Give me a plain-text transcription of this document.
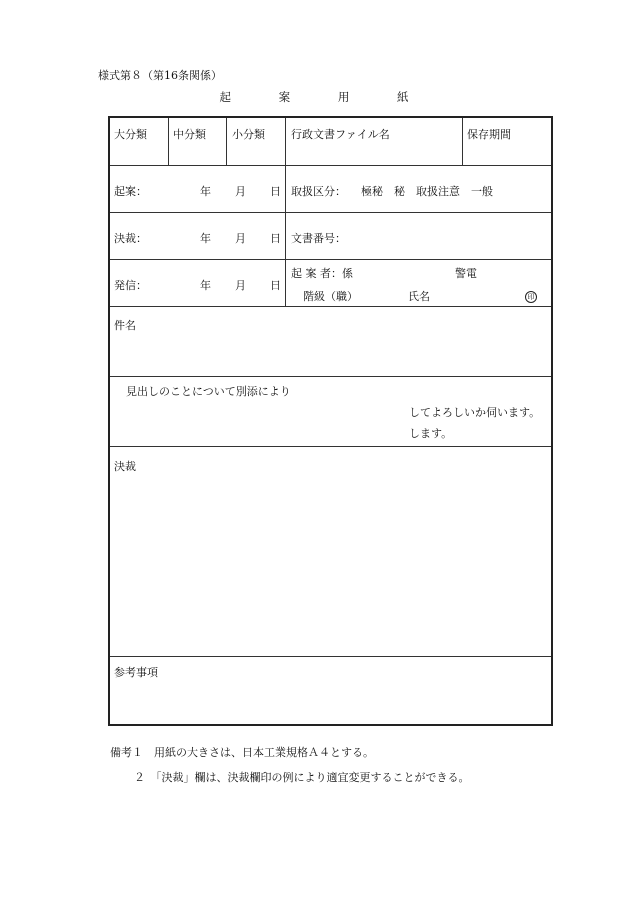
様式第８（第16条関係）
起	案	用	紙
大分類 中分類 小分類 行政文書ファイル名	保存期間
起案：	年 月 日 取扱区分： 極秘　秘　取扱注意　一般
決裁：	年 月 日 文書番号：
発信：	年 月 日
起 案 者：係	警電
階級（職）	氏名	印
件名
見出しのことについて別添により
してよろしいか伺います。
します。
決裁
参考事項
備考１　用紙の大きさは、日本工業規格Ａ４とする。
２　「決裁」欄は、決裁欄印の例により適宜変更することができる。
